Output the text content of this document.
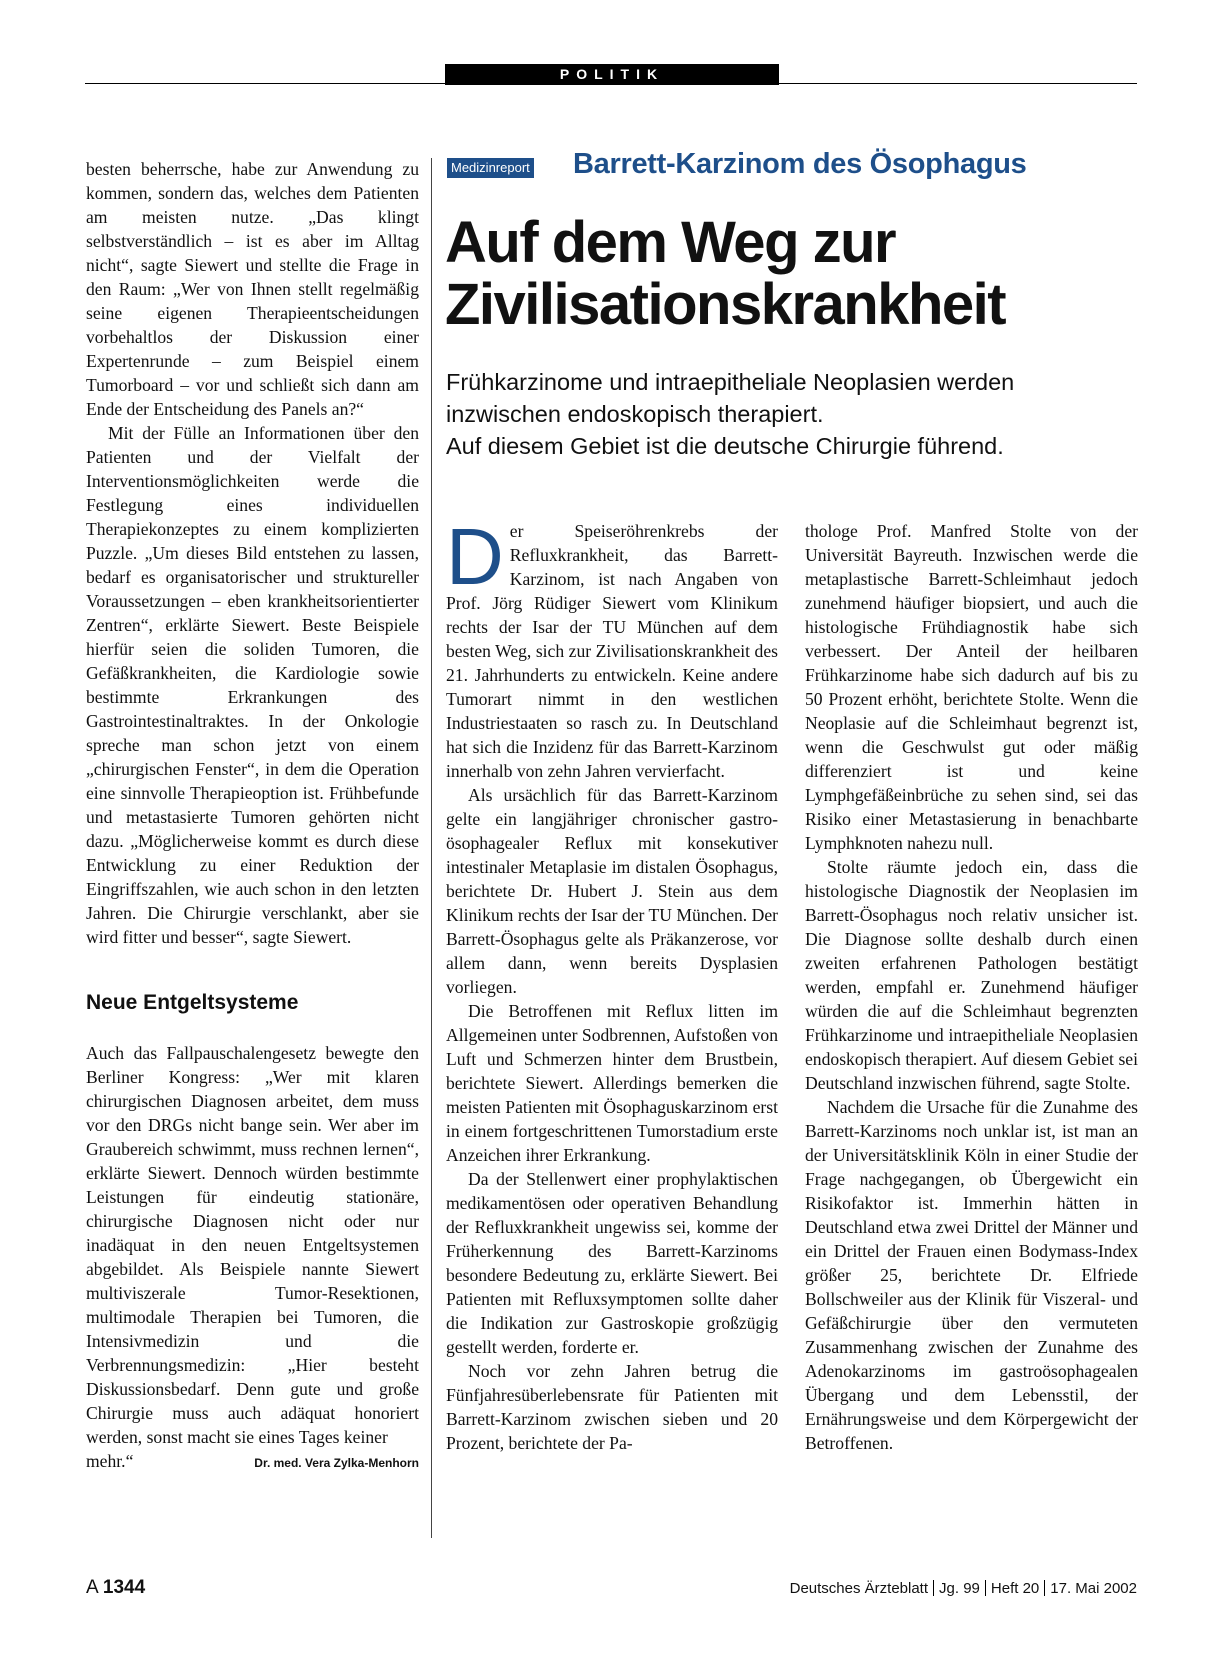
POLITIK

besten beherrsche, habe zur Anwendung zu kommen, sondern das, welches dem Patienten am meisten nutze. „Das klingt selbstverständlich – ist es aber im Alltag nicht“, sagte Siewert und stellte die Frage in den Raum: „Wer von Ihnen stellt regelmäßig seine eigenen Therapieentscheidungen vorbehaltlos der Diskussion einer Expertenrunde – zum Beispiel einem Tumorboard – vor und schließt sich dann am Ende der Entscheidung des Panels an?“

Mit der Fülle an Informationen über den Patienten und der Vielfalt der Interventionsmöglichkeiten werde die Festlegung eines individuellen Therapiekonzeptes zu einem komplizierten Puzzle. „Um dieses Bild entstehen zu lassen, bedarf es organisatorischer und struktureller Voraussetzungen – eben krankheitsorientierter Zentren“, erklärte Siewert. Beste Beispiele hierfür seien die soliden Tumoren, die Gefäßkrankheiten, die Kardiologie sowie bestimmte Erkrankungen des Gastrointestinaltraktes. In der Onkologie spreche man schon jetzt von einem „chirurgischen Fenster“, in dem die Operation eine sinnvolle Therapieoption ist. Frühbefunde und metastasierte Tumoren gehörten nicht dazu. „Möglicherweise kommt es durch diese Entwicklung zu einer Reduktion der Eingriffszahlen, wie auch schon in den letzten Jahren. Die Chirurgie verschlankt, aber sie wird fitter und besser“, sagte Siewert.

Neue Entgeltsysteme

Auch das Fallpauschalengesetz bewegte den Berliner Kongress: „Wer mit klaren chirurgischen Diagnosen arbeitet, dem muss vor den DRGs nicht bange sein. Wer aber im Graubereich schwimmt, muss rechnen lernen“, erklärte Siewert. Dennoch würden bestimmte Leistungen für eindeutig stationäre, chirurgische Diagnosen nicht oder nur inadäquat in den neuen Entgeltsystemen abgebildet. Als Beispiele nannte Siewert multiviszerale Tumor-Resektionen, multimodale Therapien bei Tumoren, die Intensivmedizin und die Verbrennungsmedizin: „Hier besteht Diskussionsbedarf. Denn gute und große Chirurgie muss auch adäquat honoriert werden, sonst macht sie eines Tages keiner

mehr.“	Dr. med. Vera Zylka-Menhorn
Medizinreport Barrett-Karzinom des Ösophagus
Auf dem Weg zur
Zivilisationskrankheit
Frühkarzinome und intraepitheliale Neoplasien werden
inzwischen endoskopisch therapiert.
Auf diesem Gebiet ist die deutsche Chirurgie führend.

Der Speiseröhrenkrebs der Refluxkrankheit, das Barrett-Karzinom, ist nach Angaben von Prof. Jörg Rüdiger Siewert vom Klinikum rechts der Isar der TU München auf dem besten Weg, sich zur Zivilisationskrankheit des 21. Jahrhunderts zu entwickeln. Keine andere Tumorart nimmt in den westlichen Industriestaaten so rasch zu. In Deutschland hat sich die Inzidenz für das Barrett-Karzinom innerhalb von zehn Jahren vervierfacht.

Als ursächlich für das Barrett-Karzinom gelte ein langjähriger chronischer gastro-ösophagealer Reflux mit konsekutiver intestinaler Metaplasie im distalen Ösophagus, berichtete Dr. Hubert J. Stein aus dem Klinikum rechts der Isar der TU München. Der Barrett-Ösophagus gelte als Präkanzerose, vor allem dann, wenn bereits Dysplasien vorliegen.

Die Betroffenen mit Reflux litten im Allgemeinen unter Sodbrennen, Aufstoßen von Luft und Schmerzen hinter dem Brustbein, berichtete Siewert. Allerdings bemerken die meisten Patienten mit Ösophaguskarzinom erst in einem fortgeschrittenen Tumorstadium erste Anzeichen ihrer Erkrankung.

Da der Stellenwert einer prophylaktischen medikamentösen oder operativen Behandlung der Refluxkrankheit ungewiss sei, komme der Früherkennung des Barrett-Karzinoms besondere Bedeutung zu, erklärte Siewert. Bei Patienten mit Refluxsymptomen sollte daher die Indikation zur Gastroskopie großzügig gestellt werden, forderte er.

Noch vor zehn Jahren betrug die Fünfjahresüberlebensrate für Patienten mit Barrett-Karzinom zwischen sieben und 20 Prozent, berichtete der Pa-

thologe Prof. Manfred Stolte von der Universität Bayreuth. Inzwischen werde die metaplastische Barrett-Schleimhaut jedoch zunehmend häufiger biopsiert, und auch die histologische Frühdiagnostik habe sich verbessert. Der Anteil der heilbaren Frühkarzinome habe sich dadurch auf bis zu 50 Prozent erhöht, berichtete Stolte. Wenn die Neoplasie auf die Schleimhaut begrenzt ist, wenn die Geschwulst gut oder mäßig differenziert ist und keine Lymphgefäßeinbrüche zu sehen sind, sei das Risiko einer Metastasierung in benachbarte Lymphknoten nahezu null.

Stolte räumte jedoch ein, dass die histologische Diagnostik der Neoplasien im Barrett-Ösophagus noch relativ unsicher ist. Die Diagnose sollte deshalb durch einen zweiten erfahrenen Pathologen bestätigt werden, empfahl er. Zunehmend häufiger würden die auf die Schleimhaut begrenzten Frühkarzinome und intraepitheliale Neoplasien endoskopisch therapiert. Auf diesem Gebiet sei Deutschland inzwischen führend, sagte Stolte.

Nachdem die Ursache für die Zunahme des Barrett-Karzinoms noch unklar ist, ist man an der Universitätsklinik Köln in einer Studie der Frage nachgegangen, ob Übergewicht ein Risikofaktor ist. Immerhin hätten in Deutschland etwa zwei Drittel der Männer und ein Drittel der Frauen einen Bodymass-Index größer 25, berichtete Dr. Elfriede Bollschweiler aus der Klinik für Viszeral- und Gefäßchirurgie über den vermuteten Zusammenhang zwischen der Zunahme des Adenokarzinoms im gastroösophagealen Übergang und dem Lebensstil, der Ernährungsweise und dem Körpergewicht der Betroffenen.

A 1344	Deutsches Ärzteblatt Jg. 99 Heft 20 17. Mai 2002
